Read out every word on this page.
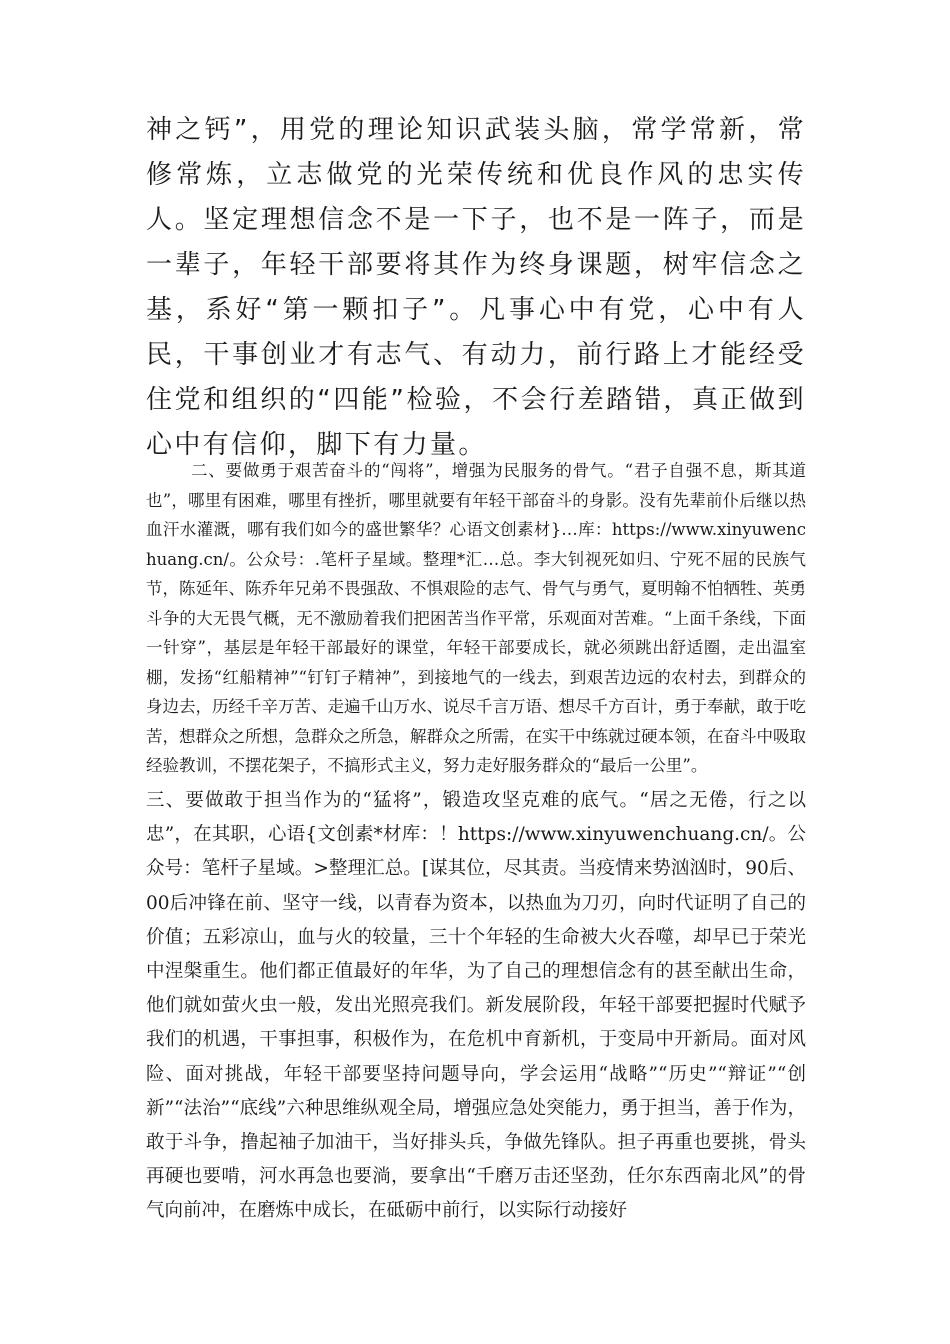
神之钙”，用党的理论知识武装头脑，常学常新，常修常炼，立志做党的光荣传统和优良作风的忠实传人。坚定理想信念不是一下子，也不是一阵子，而是一辈子，年轻干部要将其作为终身课题，树牢信念之基，系好“第一颗扣子”。凡事心中有党，心中有人民，干事创业才有志气、有动力，前行路上才能经受住党和组织的“四能”检验，不会行差踏错，真正做到心中有信仰，脚下有力量。

二、要做勇于艰苦奋斗的“闯将”，增强为民服务的骨气。“君子自强不息，斯其道也”，哪里有困难，哪里有挫折，哪里就要有年轻干部奋斗的身影。没有先辈前仆后继以热血汗水灌溉，哪有我们如今的盛世繁华？心语文创素材}…库：https://www.xinyuwenchuang.cn/。公众号：.笔杆子星域。整理*汇…总。李大钊视死如归、宁死不屈的民族气节，陈延年、陈乔年兄弟不畏强敌、不惧艰险的志气、骨气与勇气，夏明翰不怕牺牲、英勇斗争的大无畏气概，无不激励着我们把困苦当作平常，乐观面对苦难。“上面千条线，下面一针穿”，基层是年轻干部最好的课堂，年轻干部要成长，就必须跳出舒适圈，走出温室棚，发扬“红船精神”“钉钉子精神”，到接地气的一线去，到艰苦边远的农村去，到群众的身边去，历经千辛万苦、走遍千山万水、说尽千言万语、想尽千方百计，勇于奉献，敢于吃苦，想群众之所想，急群众之所急，解群众之所需，在实干中练就过硬本领，在奋斗中吸取经验教训，不摆花架子，不搞形式主义，努力走好服务群众的“最后一公里”。

三、要做敢于担当作为的“猛将”，锻造攻坚克难的底气。“居之无倦，行之以忠”，在其职，心语{文创素*材库：！https://www.xinyuwenchuang.cn/。公众号：笔杆子星域。>整理汇总。[谋其位，尽其责。当疫情来势汹汹时，90后、00后冲锋在前、坚守一线，以青春为资本，以热血为刀刃，向时代证明了自己的价值；五彩凉山，血与火的较量，三十个年轻的生命被大火吞噬，却早已于荣光中涅槃重生。他们都正值最好的年华，为了自己的理想信念有的甚至献出生命，他们就如萤火虫一般，发出光照亮我们。新发展阶段，年轻干部要把握时代赋予我们的机遇，干事担事，积极作为，在危机中育新机，于变局中开新局。面对风险、面对挑战，年轻干部要坚持问题导向，学会运用“战略”“历史”“辩证”“创新”“法治”“底线”六种思维纵观全局，增强应急处突能力，勇于担当，善于作为，敢于斗争，撸起袖子加油干，当好排头兵，争做先锋队。担子再重也要挑，骨头再硬也要啃，河水再急也要淌，要拿出“千磨万击还坚劲，任尔东西南北风”的骨气向前冲，在磨炼中成长，在砥砺中前行，以实际行动接好
